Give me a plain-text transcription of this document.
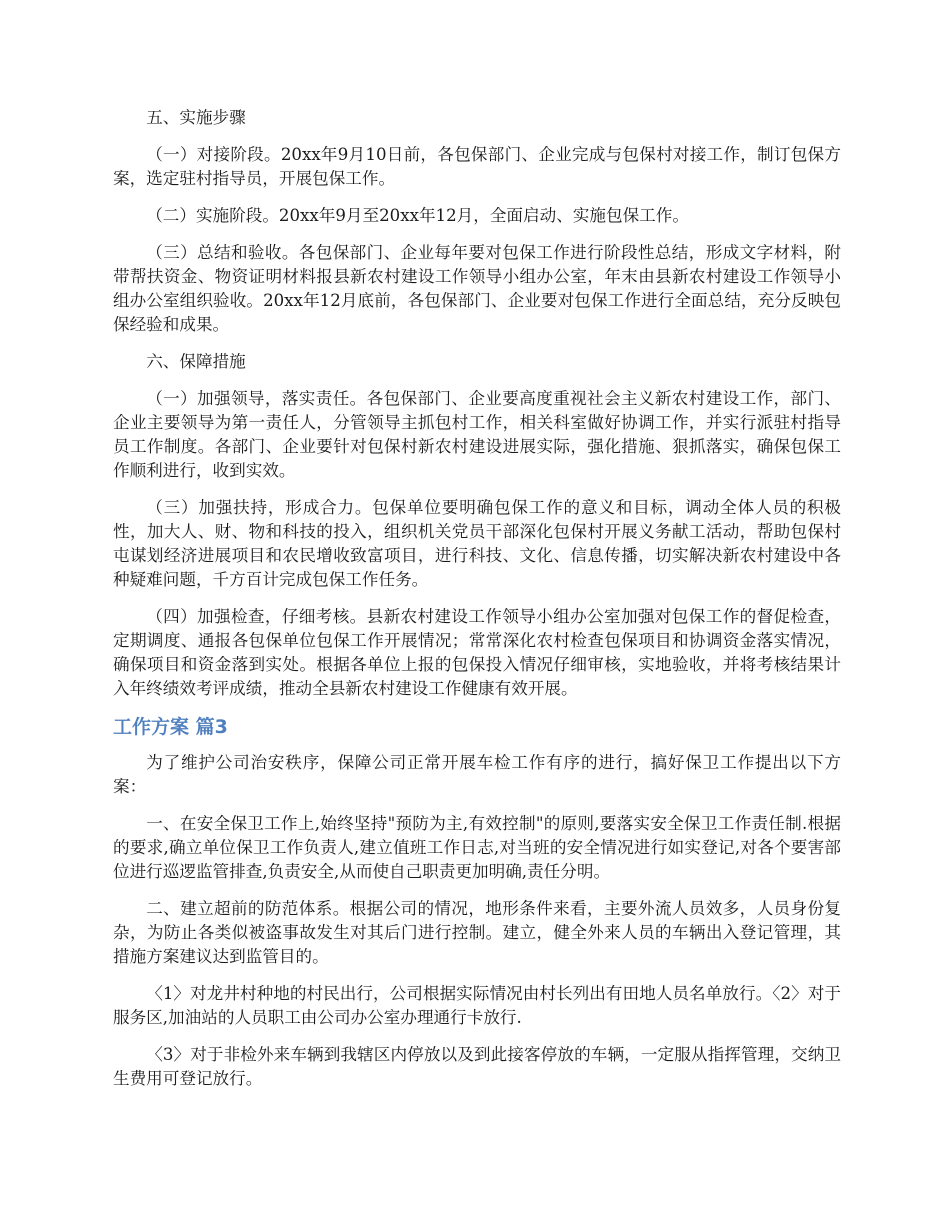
五、实施步骤

（一）对接阶段。20xx年9月10日前，各包保部门、企业完成与包保村对接工作，制订包保方案，选定驻村指导员，开展包保工作。

（二）实施阶段。20xx年9月至20xx年12月，全面启动、实施包保工作。

（三）总结和验收。各包保部门、企业每年要对包保工作进行阶段性总结，形成文字材料，附带帮扶资金、物资证明材料报县新农村建设工作领导小组办公室，年末由县新农村建设工作领导小组办公室组织验收。20xx年12月底前，各包保部门、企业要对包保工作进行全面总结，充分反映包保经验和成果。

六、保障措施

（一）加强领导，落实责任。各包保部门、企业要高度重视社会主义新农村建设工作，部门、企业主要领导为第一责任人，分管领导主抓包村工作，相关科室做好协调工作，并实行派驻村指导员工作制度。各部门、企业要针对包保村新农村建设进展实际，强化措施、狠抓落实，确保包保工作顺利进行，收到实效。

（三）加强扶持，形成合力。包保单位要明确包保工作的意义和目标，调动全体人员的积极性，加大人、财、物和科技的投入，组织机关党员干部深化包保村开展义务献工活动，帮助包保村屯谋划经济进展项目和农民增收致富项目，进行科技、文化、信息传播，切实解决新农村建设中各种疑难问题，千方百计完成包保工作任务。

（四）加强检查，仔细考核。县新农村建设工作领导小组办公室加强对包保工作的督促检查，定期调度、通报各包保单位包保工作开展情况；常常深化农村检查包保项目和协调资金落实情况，确保项目和资金落到实处。根据各单位上报的包保投入情况仔细审核，实地验收，并将考核结果计入年终绩效考评成绩，推动全县新农村建设工作健康有效开展。

工作方案 篇3

为了维护公司治安秩序，保障公司正常开展车检工作有序的进行，搞好保卫工作提出以下方案：

一、在安全保卫工作上,始终坚持"预防为主,有效控制"的原则,要落实安全保卫工作责任制.根据的要求,确立单位保卫工作负责人,建立值班工作日志,对当班的安全情况进行如实登记,对各个要害部位进行巡逻监管排查,负责安全,从而使自己职责更加明确,责任分明。

二、建立超前的防范体系。根据公司的情况，地形条件来看，主要外流人员效多，人员身份复杂，为防止各类似被盗事故发生对其后门进行控制。建立，健全外来人员的车辆出入登记管理，其措施方案建议达到监管目的。

〈1〉对龙井村种地的村民出行，公司根据实际情况由村长列出有田地人员名单放行。〈2〉对于服务区,加油站的人员职工由公司办公室办理通行卡放行.

〈3〉对于非检外来车辆到我辖区内停放以及到此接客停放的车辆，一定服从指挥管理，交纳卫生费用可登记放行。
